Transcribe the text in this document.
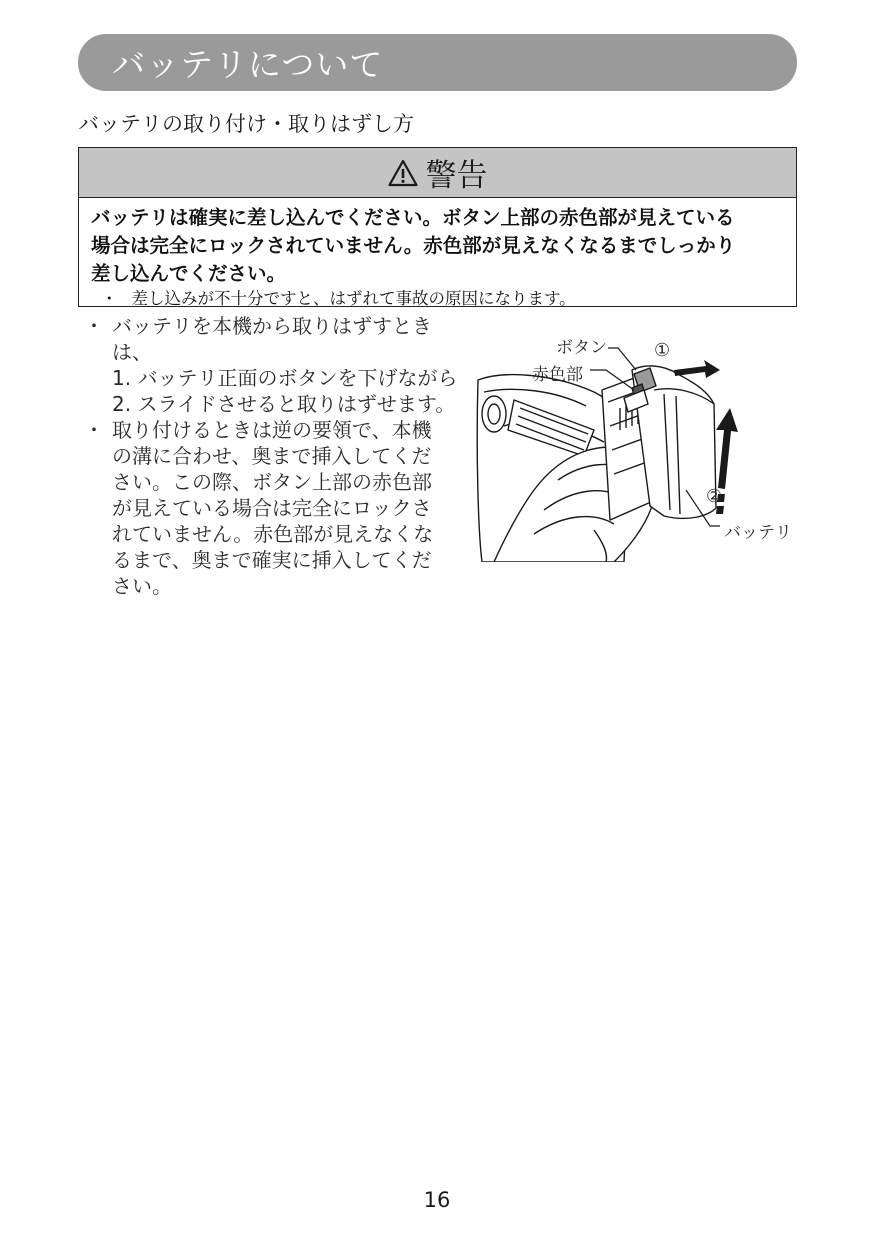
バッテリについて
バッテリの取り付け・取りはずし方
警告
バッテリは確実に差し込んでください。ボタン上部の赤色部が見えている
場合は完全にロックされていません。赤色部が見えなくなるまでしっかり
差し込んでください。
・ 差し込みが不十分ですと、はずれて事故の原因になります。
・ バッテリを本機から取りはずすときは、
1. バッテリ正面のボタンを下げながら
2. スライドさせると取りはずせます。
・ 取り付けるときは逆の要領で、本機
の溝に合わせ、奥まで挿入してくだ
さい。この際、ボタン上部の赤色部
が見えている場合は完全にロックさ
れていません。赤色部が見えなくな
るまで、奥まで確実に挿入してくだ
さい。
ボタン
赤色部
①
②
バッテリ
16
